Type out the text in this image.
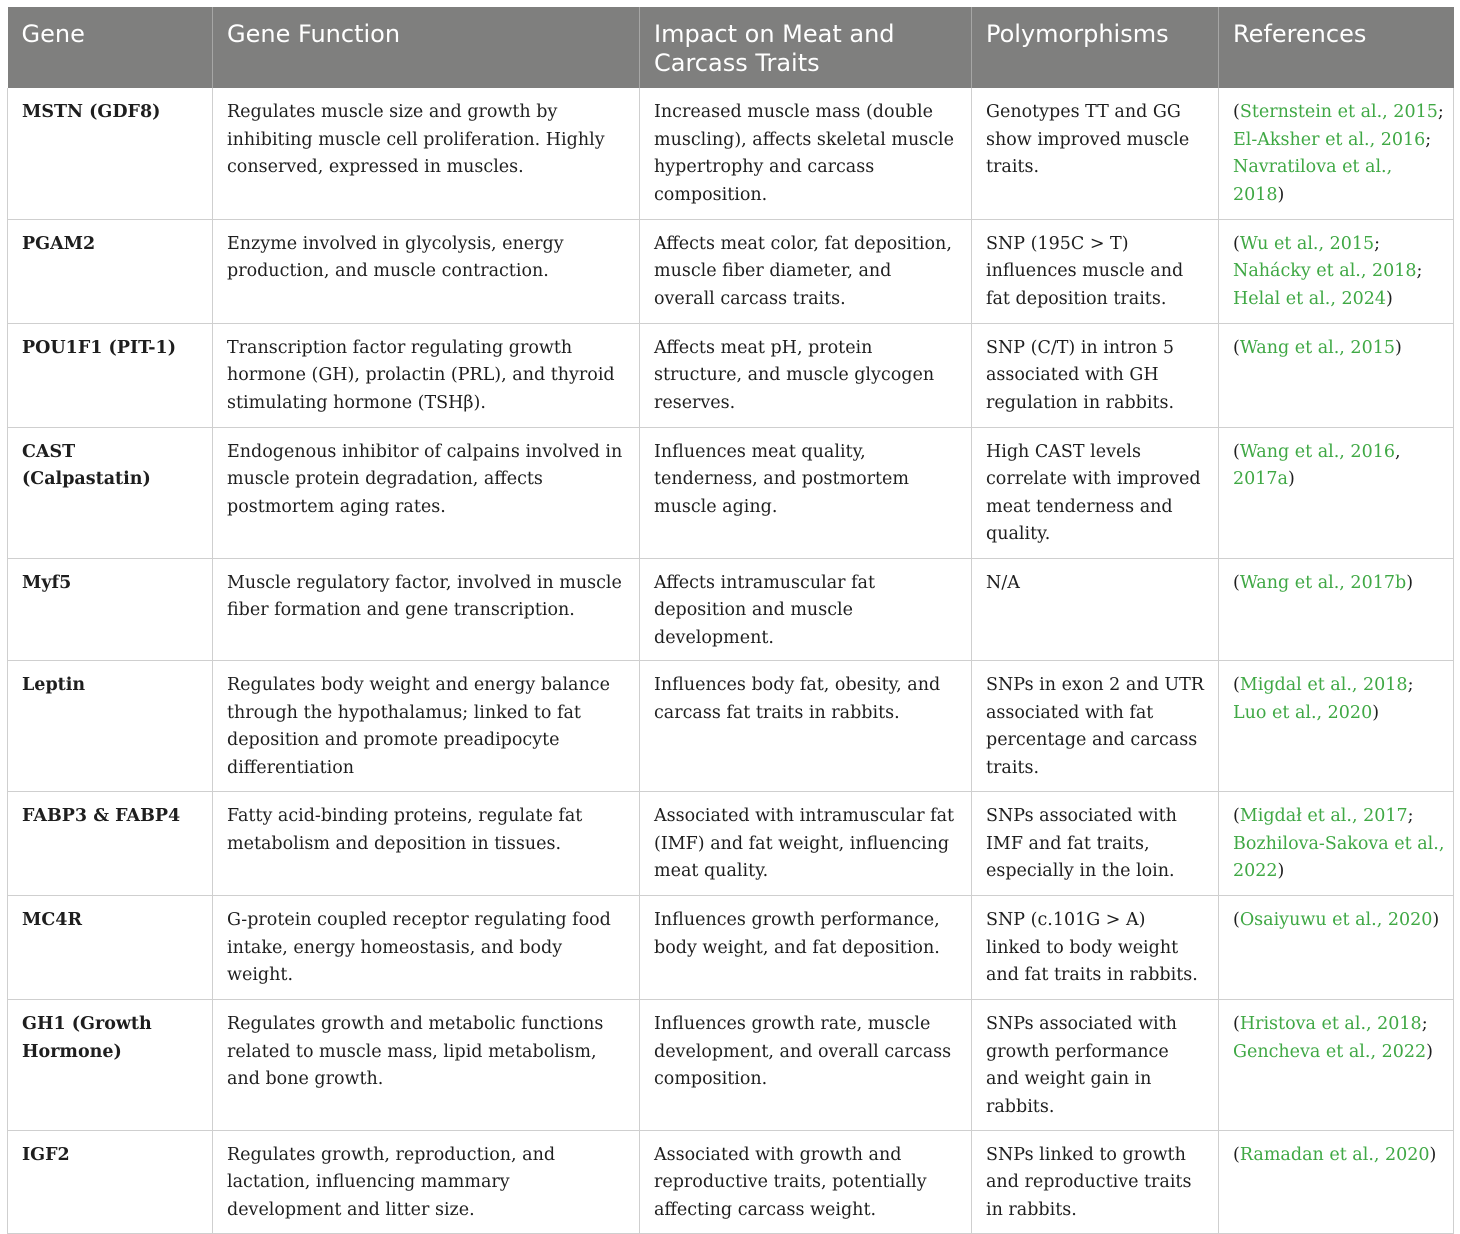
Gene	Gene Function	Impact on Meat and Carcass Traits	Polymorphisms	References
MSTN (GDF8)	Regulates muscle size and growth by inhibiting muscle cell proliferation. Highly conserved, expressed in muscles.	Increased muscle mass (double muscling), affects skeletal muscle hypertrophy and carcass composition.	Genotypes TT and GG show improved muscle traits.	(Sternstein et al., 2015; El-Aksher et al., 2016; Navratilova et al., 2018)
PGAM2	Enzyme involved in glycolysis, energy production, and muscle contraction.	Affects meat color, fat deposition, muscle fiber diameter, and overall carcass traits.	SNP (195C > T) influences muscle and fat deposition traits.	(Wu et al., 2015; Nahácky et al., 2018; Helal et al., 2024)
POU1F1 (PIT-1)	Transcription factor regulating growth hormone (GH), prolactin (PRL), and thyroid stimulating hormone (TSHβ).	Affects meat pH, protein structure, and muscle glycogen reserves.	SNP (C/T) in intron 5 associated with GH regulation in rabbits.	(Wang et al., 2015)
CAST (Calpastatin)	Endogenous inhibitor of calpains involved in muscle protein degradation, affects postmortem aging rates.	Influences meat quality, tenderness, and postmortem muscle aging.	High CAST levels correlate with improved meat tenderness and quality.	(Wang et al., 2016, 2017a)
Myf5	Muscle regulatory factor, involved in muscle fiber formation and gene transcription.	Affects intramuscular fat deposition and muscle development.	N/A	(Wang et al., 2017b)
Leptin	Regulates body weight and energy balance through the hypothalamus; linked to fat deposition and promote preadipocyte differentiation	Influences body fat, obesity, and carcass fat traits in rabbits.	SNPs in exon 2 and UTR associated with fat percentage and carcass traits.	(Migdal et al., 2018; Luo et al., 2020)
FABP3 & FABP4	Fatty acid-binding proteins, regulate fat metabolism and deposition in tissues.	Associated with intramuscular fat (IMF) and fat weight, influencing meat quality.	SNPs associated with IMF and fat traits, especially in the loin.	(Migdał et al., 2017; Bozhilova-Sakova et al., 2022)
MC4R	G-protein coupled receptor regulating food intake, energy homeostasis, and body weight.	Influences growth performance, body weight, and fat deposition.	SNP (c.101G > A) linked to body weight and fat traits in rabbits.	(Osaiyuwu et al., 2020)
GH1 (Growth Hormone)	Regulates growth and metabolic functions related to muscle mass, lipid metabolism, and bone growth.	Influences growth rate, muscle development, and overall carcass composition.	SNPs associated with growth performance and weight gain in rabbits.	(Hristova et al., 2018; Gencheva et al., 2022)
IGF2	Regulates growth, reproduction, and lactation, influencing mammary development and litter size.	Associated with growth and reproductive traits, potentially affecting carcass weight.	SNPs linked to growth and reproductive traits in rabbits.	(Ramadan et al., 2020)
